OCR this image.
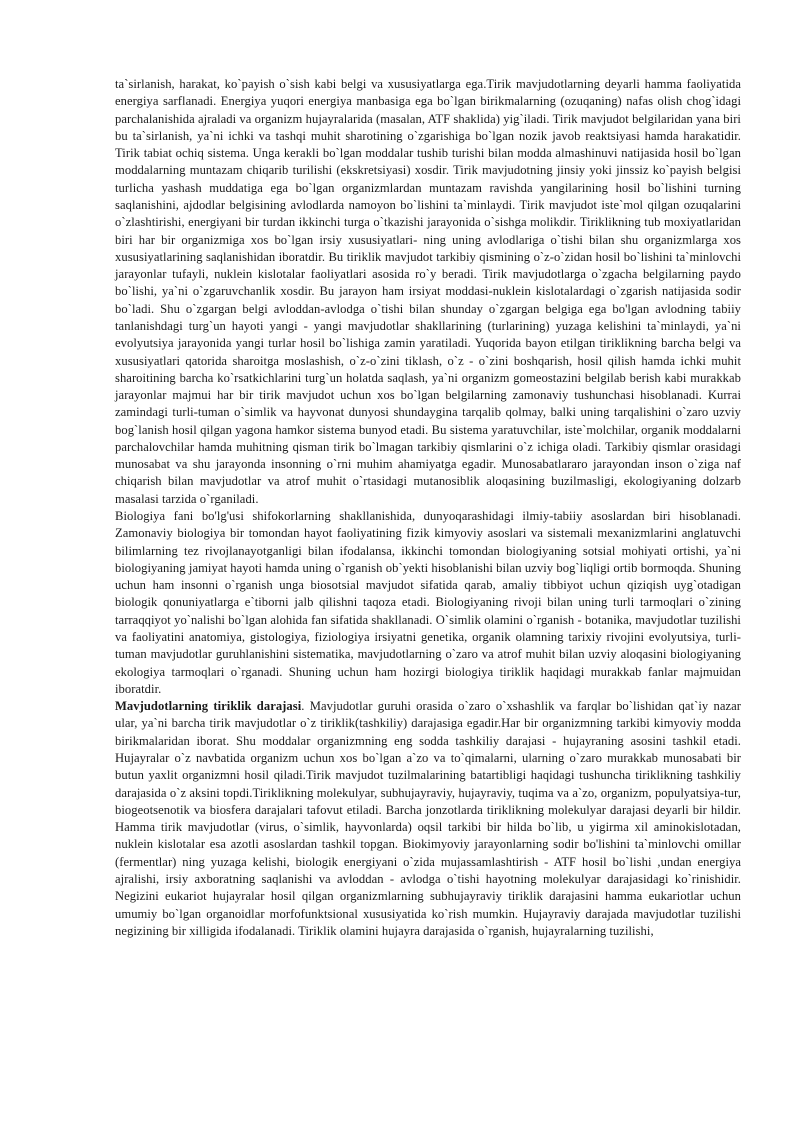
ta`sirlanish, harakat, ko`payish o`sish kabi belgi va xususiyatlarga ega.Tirik mavjudotlarning deyarli hamma faoliyatida energiya sarflanadi. Energiya yuqori energiya manbasiga ega bo`lgan birikmalarning (ozuqaning) nafas olish chog`idagi parchalanishida ajraladi va organizm hujayralarida (masalan, ATF shaklida) yig`iladi. Tirik mavjudot belgilaridan yana biri bu ta`sirlanish, ya`ni ichki va tashqi muhit sharotining o`zgarishiga bo`lgan nozik javob reaktsiyasi hamda harakatidir. Tirik tabiat ochiq sistema. Unga kerakli bo`lgan moddalar tushib turishi bilan modda almashinuvi natijasida hosil bo`lgan moddalarning muntazam chiqarib turilishi (ekskretsiyasi) xosdir. Tirik mavjudotning jinsiy yoki jinssiz ko`payish belgisi turlicha yashash muddatiga ega bo`lgan organizmlardan muntazam ravishda yangilarining hosil bo`lishini turning saqlanishini, ajdodlar belgisining avlodlarda namoyon bo`lishini ta`minlaydi. Tirik mavjudot iste`mol qilgan ozuqalarini o`zlashtirishi, energiyani bir turdan ikkinchi turga o`tkazishi jarayonida o`sishga molikdir. Tiriklikning tub moxiyatlaridan biri har bir organizmiga xos bo`lgan irsiy xususiyatlari- ning uning avlodlariga o`tishi bilan shu organizmlarga xos xususiyatlarining saqlanishidan iboratdir. Bu tiriklik mavjudot tarkibiy qismining o`z-o`zidan hosil bo`lishini ta`minlovchi jarayonlar tufayli, nuklein kislotalar faoliyatlari asosida ro`y beradi. Tirik mavjudotlarga o`zgacha belgilarning paydo bo`lishi, ya`ni o`zgaruvchanlik xosdir. Bu jarayon ham irsiyat moddasi-nuklein kislotalardagi o`zgarish natijasida sodir bo`ladi. Shu o`zgargan belgi avloddan-avlodga o`tishi bilan shunday o`zgargan belgiga ega bo'lgan avlodning tabiiy tanlanishdagi turg`un hayoti yangi - yangi mavjudotlar shakllarining (turlarining) yuzaga kelishini ta`minlaydi, ya`ni evolyutsiya jarayonida yangi turlar hosil bo`lishiga zamin yaratiladi. Yuqorida bayon etilgan tiriklikning barcha belgi va xususiyatlari qatorida sharoitga moslashish, o`z-o`zini tiklash, o`z - o`zini boshqarish, hosil qilish hamda ichki muhit sharoitining barcha ko`rsatkichlarini turg`un holatda saqlash, ya`ni organizm gomeostazini belgilab berish kabi murakkab jarayonlar majmui har bir tirik mavjudot uchun xos bo`lgan belgilarning zamonaviy tushunchasi hisoblanadi. Kurrai zamindagi turli-tuman o`simlik va hayvonat dunyosi shundaygina tarqalib qolmay, balki uning tarqalishini o`zaro uzviy bog`lanish hosil qilgan yagona hamkor sistema bunyod etadi. Bu sistema yaratuvchilar, iste`molchilar, organik moddalarni parchalovchilar hamda muhitning qisman tirik bo`lmagan tarkibiy qismlarini o`z ichiga oladi. Tarkibiy qismlar orasidagi munosabat va shu jarayonda insonning o`rni muhim ahamiyatga egadir. Munosabatlararo jarayondan inson o`ziga naf chiqarish bilan mavjudotlar va atrof muhit o`rtasidagi mutanosiblik aloqasining buzilmasligi, ekologiyaning dolzarb masalasi tarzida o`rganiladi.

Biologiya fani bo'lg'usi shifokorlarning shakllanishida, dunyoqarashidagi ilmiy-tabiiy asoslardan biri hisoblanadi. Zamonaviy biologiya bir tomondan hayot faoliyatining fizik kimyoviy asoslari va sistemali mexanizmlarini anglatuvchi bilimlarning tez rivojlanayotganligi bilan ifodalansa, ikkinchi tomondan biologiyaning sotsial mohiyati ortishi, ya`ni biologiyaning jamiyat hayoti hamda uning o`rganish ob`yekti hisoblanishi bilan uzviy bog`liqligi ortib bormoqda. Shuning uchun ham insonni o`rganish unga biosotsial mavjudot sifatida qarab, amaliy tibbiyot uchun qiziqish uyg`otadigan biologik qonuniyatlarga e`tiborni jalb qilishni taqoza etadi. Biologiyaning rivoji bilan uning turli tarmoqlari o`zining tarraqqiyot yo`nalishi bo`lgan alohida fan sifatida shakllanadi. O`simlik olamini o`rganish - botanika, mavjudotlar tuzilishi va faoliyatini anatomiya, gistologiya, fiziologiya irsiyatni genetika, organik olamning tarixiy rivojini evolyutsiya, turli-tuman mavjudotlar guruhlanishini sistematika, mavjudotlarning o`zaro va atrof muhit bilan uzviy aloqasini biologiyaning ekologiya tarmoqlari o`rganadi. Shuning uchun ham hozirgi biologiya tiriklik haqidagi murakkab fanlar majmuidan iboratdir.

Mavjudotlarning tiriklik darajasi. Mavjudotlar guruhi orasida o`zaro o`xshashlik va farqlar bo`lishidan qat`iy nazar ular, ya`ni barcha tirik mavjudotlar o`z tiriklik(tashkiliy) darajasiga egadir.Har bir organizmning tarkibi kimyoviy modda birikmalaridan iborat. Shu moddalar organizmning eng sodda tashkiliy darajasi - hujayraning asosini tashkil etadi. Hujayralar o`z navbatida organizm uchun xos bo`lgan a`zo va to`qimalarni, ularning o`zaro murakkab munosabati bir butun yaxlit organizmni hosil qiladi.Tirik mavjudot tuzilmalarining batartibligi haqidagi tushuncha tiriklikning tashkiliy darajasida o`z aksini topdi.Tiriklikning molekulyar, subhujayraviy, hujayraviy, tuqima va a`zo, organizm, populyatsiya-tur, biogeotsenotik va biosfera darajalari tafovut etiladi. Barcha jonzotlarda tiriklikning molekulyar darajasi deyarli bir hildir. Hamma tirik mavjudotlar (virus, o`simlik, hayvonlarda) oqsil tarkibi bir hilda bo`lib, u yigirma xil aminokislotadan, nuklein kislotalar esa azotli asoslardan tashkil topgan. Biokimyoviy jarayonlarning sodir bo'lishini ta`minlovchi omillar (fermentlar) ning yuzaga kelishi, biologik energiyani o`zida mujassamlashtirish - ATF hosil bo`lishi ,undan energiya ajralishi, irsiy axboratning saqlanishi va avloddan - avlodga o`tishi hayotning molekulyar darajasidagi ko`rinishidir. Negizini eukariot hujayralar hosil qilgan organizmlarning subhujayraviy tiriklik darajasini hamma eukariotlar uchun umumiy bo`lgan organoidlar morfofunktsional xususiyatida ko`rish mumkin. Hujayraviy darajada mavjudotlar tuzilishi negizining bir xilligida ifodalanadi. Tiriklik olamini hujayra darajasida o`rganish, hujayralarning tuzilishi,
